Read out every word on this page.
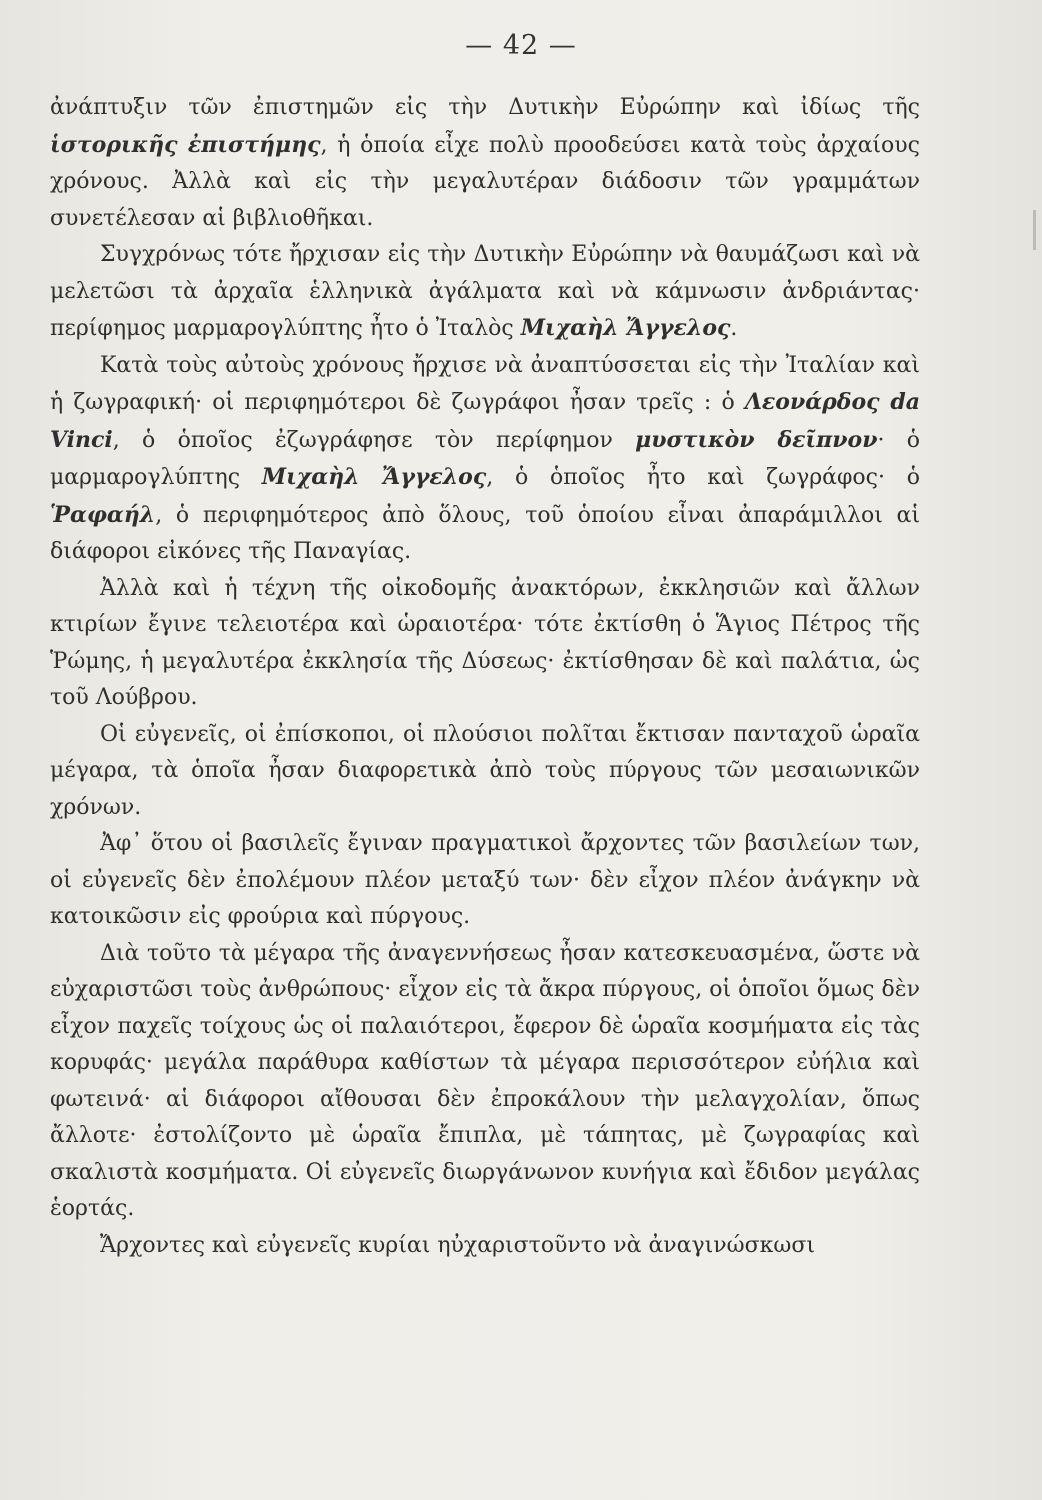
— 42 —

ἀνάπτυξιν τῶν ἐπιστημῶν εἰς τὴν Δυτικὴν Εὐρώπην καὶ ἰδίως τῆς ἱστορικῆς ἐπιστήμης, ἡ ὁποία εἶχε πολὺ προοδεύσει κατὰ τοὺς ἀρχαίους χρόνους. Ἀλλὰ καὶ εἰς τὴν μεγαλυτέραν διάδοσιν τῶν γραμμάτων συνετέλεσαν αἱ βιβλιοθῆκαι.

Συγχρόνως τότε ἤρχισαν εἰς τὴν Δυτικὴν Εὐρώπην νὰ θαυμάζωσι καὶ νὰ μελετῶσι τὰ ἀρχαῖα ἑλληνικὰ ἀγάλματα καὶ νὰ κάμνωσιν ἀνδριάντας· περίφημος μαρμαρογλύπτης ἦτο ὁ Ἰταλὸς Μιχαὴλ Ἄγγελος.

Κατὰ τοὺς αὐτοὺς χρόνους ἤρχισε νὰ ἀναπτύσσεται εἰς τὴν Ἰταλίαν καὶ ἡ ζωγραφική· οἱ περιφημότεροι δὲ ζωγράφοι ἦσαν τρεῖς : ὁ Λεονάρδος da Vinci, ὁ ὁποῖος ἐζωγράφησε τὸν περίφημον μυστικὸν δεῖπνον· ὁ μαρμαρογλύπτης Μιχαὴλ Ἄγγελος, ὁ ὁποῖος ἦτο καὶ ζωγράφος· ὁ Ῥαφαήλ, ὁ περιφημότερος ἀπὸ ὅλους, τοῦ ὁποίου εἶναι ἀπαράμιλλοι αἱ διάφοροι εἰκόνες τῆς Παναγίας.

Ἀλλὰ καὶ ἡ τέχνη τῆς οἰκοδομῆς ἀνακτόρων, ἐκκλησιῶν καὶ ἄλλων κτιρίων ἔγινε τελειοτέρα καὶ ὡραιοτέρα· τότε ἐκτίσθη ὁ Ἅγιος Πέτρος τῆς Ῥώμης, ἡ μεγαλυτέρα ἐκκλησία τῆς Δύσεως· ἐκτίσθησαν δὲ καὶ παλάτια, ὡς τοῦ Λούβρου.

Οἱ εὐγενεῖς, οἱ ἐπίσκοποι, οἱ πλούσιοι πολῖται ἔκτισαν πανταχοῦ ὡραῖα μέγαρα, τὰ ὁποῖα ἦσαν διαφορετικὰ ἀπὸ τοὺς πύργους τῶν μεσαιωνικῶν χρόνων.

Ἀφ᾽ ὅτου οἱ βασιλεῖς ἔγιναν πραγματικοὶ ἄρχοντες τῶν βασιλείων των, οἱ εὐγενεῖς δὲν ἐπολέμουν πλέον μεταξύ των· δὲν εἶχον πλέον ἀνάγκην νὰ κατοικῶσιν εἰς φρούρια καὶ πύργους.

Διὰ τοῦτο τὰ μέγαρα τῆς ἀναγεννήσεως ἦσαν κατεσκευασμένα, ὥστε νὰ εὐχαριστῶσι τοὺς ἀνθρώπους· εἶχον εἰς τὰ ἄκρα πύργους, οἱ ὁποῖοι ὅμως δὲν εἶχον παχεῖς τοίχους ὡς οἱ παλαιότεροι, ἔφερον δὲ ὡραῖα κοσμήματα εἰς τὰς κορυφάς· μεγάλα παράθυρα καθίστων τὰ μέγαρα περισσότερον εὐήλια καὶ φωτεινά· αἱ διάφοροι αἴθουσαι δὲν ἐπροκάλουν τὴν μελαγχολίαν, ὅπως ἄλλοτε· ἐστολίζοντο μὲ ὡραῖα ἔπιπλα, μὲ τάπητας, μὲ ζωγραφίας καὶ σκαλιστὰ κοσμήματα. Οἱ εὐγενεῖς διωργάνωνον κυνήγια καὶ ἔδιδον μεγάλας ἑορτάς.

Ἄρχοντες καὶ εὐγενεῖς κυρίαι ηὐχαριστοῦντο νὰ ἀναγινώσκωσι
